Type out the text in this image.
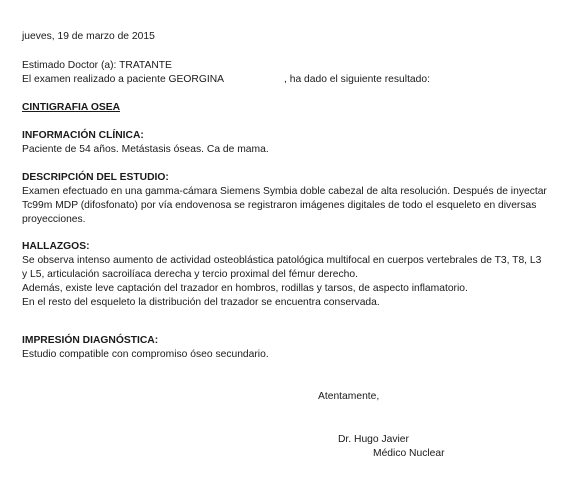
jueves, 19 de marzo de 2015
Estimado Doctor (a): TRATANTE
El examen realizado a paciente GEORGINA	, ha dado el siguiente resultado:
CINTIGRAFIA OSEA
INFORMACIÓN CLÍNICA:
Paciente de 54 años. Metástasis óseas. Ca de mama.
DESCRIPCIÓN DEL ESTUDIO:
Examen efectuado en una gamma-cámara Siemens Symbia doble cabezal de alta resolución. Después de inyectar
Tc99m MDP (difosfonato) por vía endovenosa se registraron imágenes digitales de todo el esqueleto en diversas
proyecciones.
HALLAZGOS:
Se observa intenso aumento de actividad osteoblástica patológica multifocal en cuerpos vertebrales de T3, T8, L3
y L5, articulación sacroilíaca derecha y tercio proximal del fémur derecho.
Además, existe leve captación del trazador en hombros, rodillas y tarsos, de aspecto inflamatorio.
En el resto del esqueleto la distribución del trazador se encuentra conservada.
IMPRESIÓN DIAGNÓSTICA:
Estudio compatible con compromiso óseo secundario.
Atentamente,
Dr. Hugo Javier
Médico Nuclear
